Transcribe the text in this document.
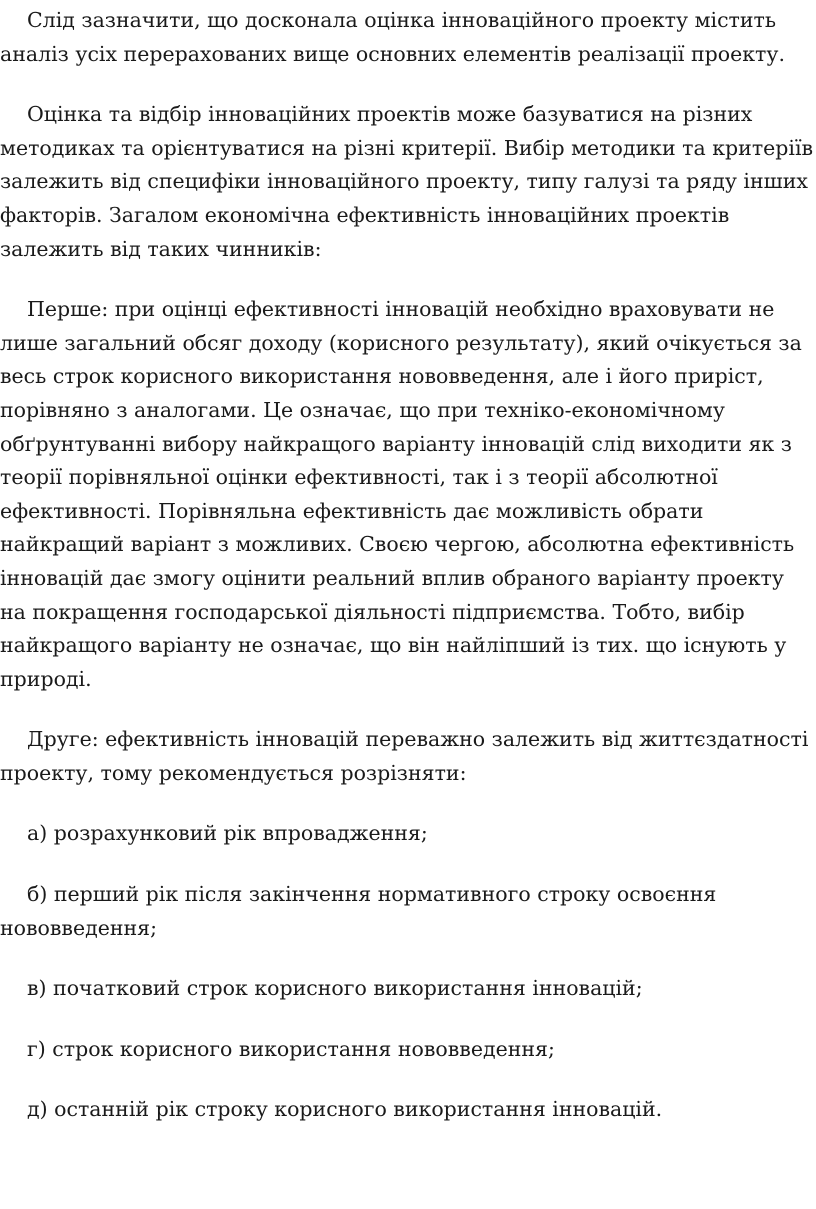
Слід зазначити, що досконала оцінка інноваційного проекту містить аналіз усіх перерахованих вище основних елементів реалізації проекту.

Оцінка та відбір інноваційних проектів може базуватися на різних методиках та орієнтуватися на різні критерії. Вибір методики та критеріїв залежить від специфіки інноваційного проекту, типу галузі та ряду інших факторів. Загалом економічна ефективність інноваційних проектів залежить від таких чинників:

Перше: при оцінці ефективності інновацій необхідно враховувати не лише загальний обсяг доходу (корисного результату), який очікується за весь строк корисного використання нововведення, але і його приріст, порівняно з аналогами. Це означає, що при техніко-економічному обґрунтуванні вибору найкращого варіанту інновацій слід виходити як з теорії порівняльної оцінки ефективності, так і з теорії абсолютної ефективності. Порівняльна ефективність дає можливість обрати найкращий варіант з можливих. Своєю чергою, абсолютна ефективність інновацій дає змогу оцінити реальний вплив обраного варіанту проекту на покращення господарської діяльності підприємства. Тобто, вибір найкращого варіанту не означає, що він найліпший із тих. що існують у природі.

Друге: ефективність інновацій переважно залежить від життєздатності проекту, тому рекомендується розрізняти:

а) розрахунковий рік впровадження;

б) перший рік після закінчення нормативного строку освоєння нововведення;

в) початковий строк корисного використання інновацій;

г) строк корисного використання нововведення;

д) останній рік строку корисного використання інновацій.
